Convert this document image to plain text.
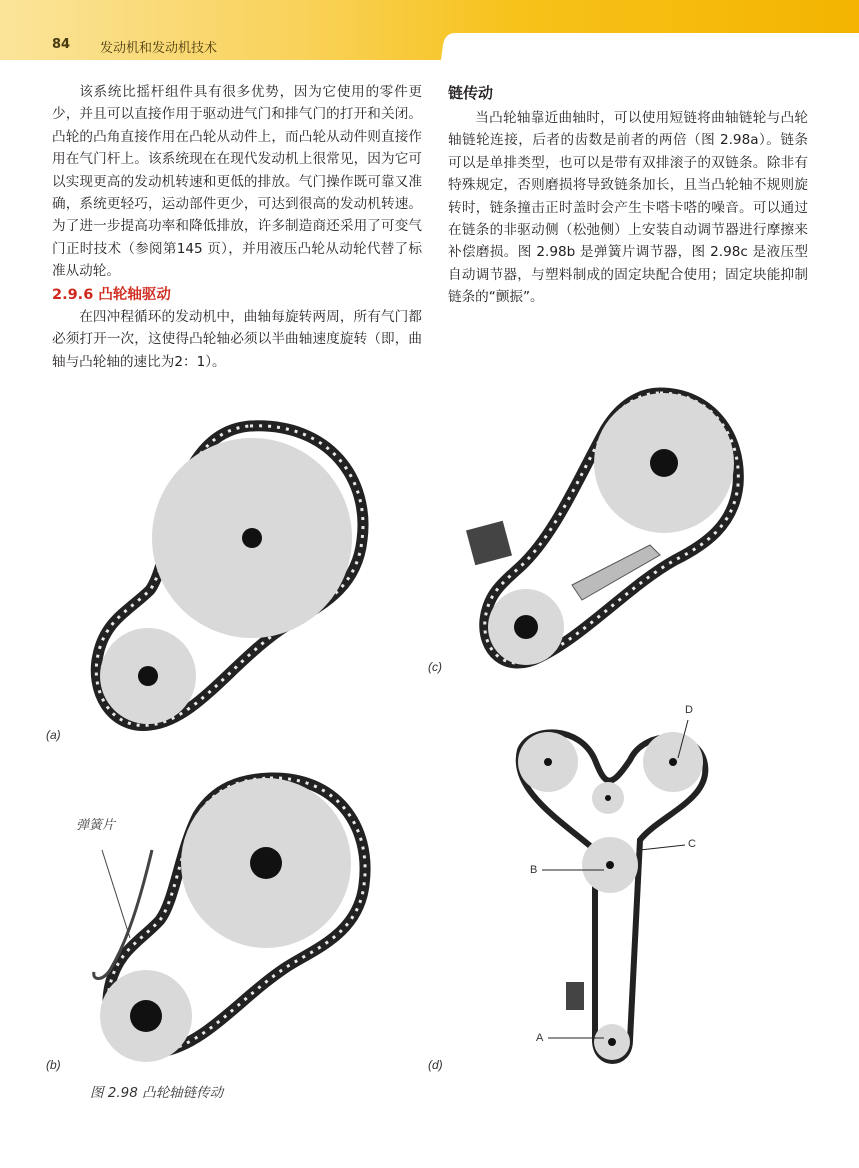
84 发动机和发动机技术

该系统比摇杆组件具有很多优势，因为它使用的零件更少，并且可以直接作用于驱动进气门和排气门的打开和关闭。凸轮的凸角直接作用在凸轮从动件上，而凸轮从动件则直接作用在气门杆上。该系统现在在现代发动机上很常见，因为它可以实现更高的发动机转速和更低的排放。气门操作既可靠又准确，系统更轻巧，运动部件更少，可达到很高的发动机转速。为了进一步提高功率和降低排放，许多制造商还采用了可变气门正时技术（参阅第145 页），并用液压凸轮从动轮代替了标准从动轮。

2.9.6 凸轮轴驱动

在四冲程循环的发动机中，曲轴每旋转两周，所有气门都必须打开一次，这使得凸轮轴必须以半曲轴速度旋转（即，曲轴与凸轮轴的速比为2：1）。

链传动

当凸轮轴靠近曲轴时，可以使用短链将曲轴链轮与凸轮轴链轮连接，后者的齿数是前者的两倍（图 2.98a）。链条可以是单排类型，也可以是带有双排滚子的双链条。除非有特殊规定，否则磨损将导致链条加长，且当凸轮轴不规则旋转时，链条撞击正时盖时会产生卡嗒卡嗒的噪音。可以通过在链条的非驱动侧（松弛侧）上安装自动调节器进行摩擦来补偿磨损。图 2.98b 是弹簧片调节器，图 2.98c 是液压型自动调节器，与塑料制成的固定块配合使用；固定块能抑制链条的“颤振”。

(a)
弹簧片
(b)
(c)
D
C
B
A
(d)
图 2.98 凸轮轴链传动
